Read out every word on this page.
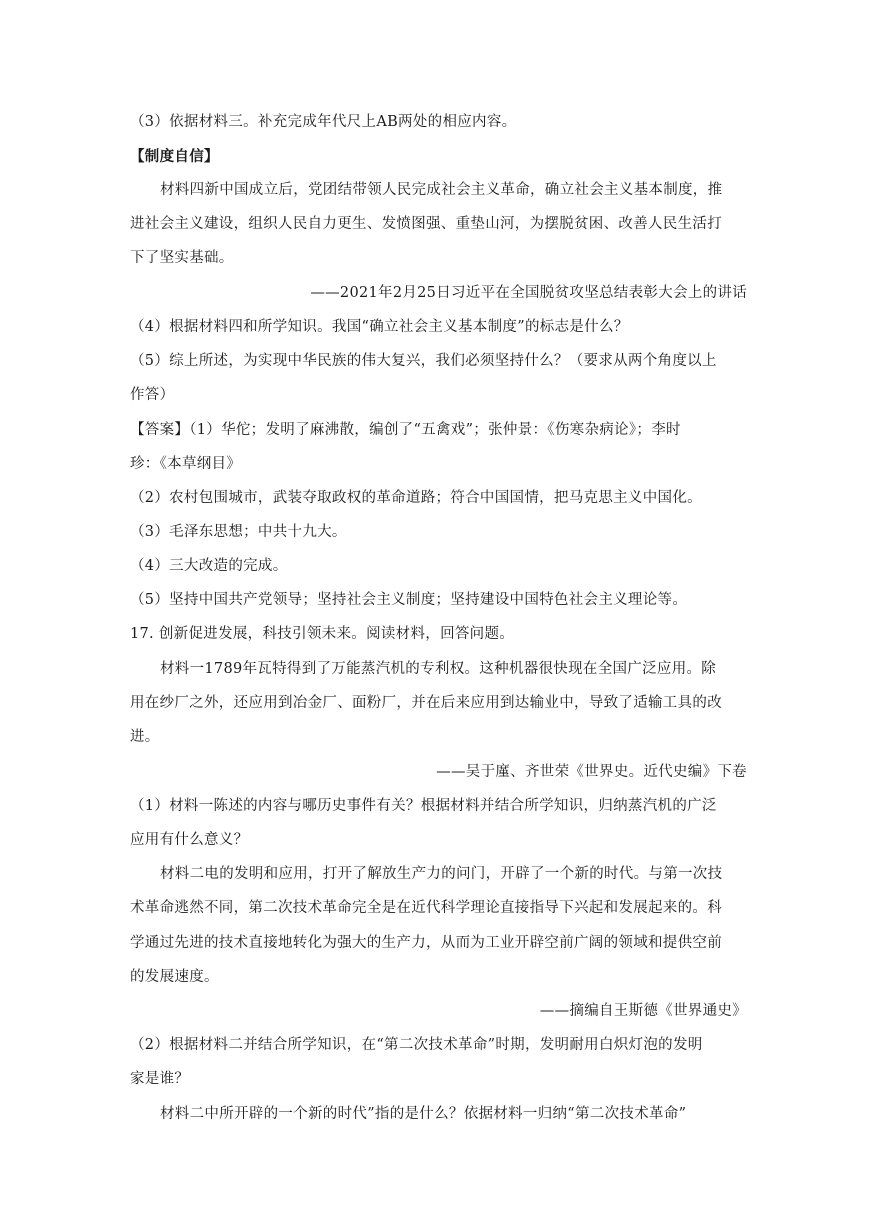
（3）依据材料三。补充完成年代尺上AB两处的相应内容。
【制度自信】
材料四新中国成立后，党团结带领人民完成社会主义革命，确立社会主义基本制度，推
进社会主义建设，组织人民自力更生、发愤图强、重垫山河，为摆脱贫困、改善人民生活打
下了坚实基础。
——2021年2月25日习近平在全国脱贫攻坚总结表彰大会上的讲话
（4）根据材料四和所学知识。我国“确立社会主义基本制度”的标志是什么？
（5）综上所述，为实现中华民族的伟大复兴，我们必须坚持什么？（要求从两个角度以上
作答）
【答案】（1）华佗；发明了麻沸散，编创了“五禽戏”；张仲景：《伤寒杂病论》；李时
珍：《本草纲目》
（2）农村包围城市，武装夺取政权的革命道路；符合中国国情，把马克思主义中国化。
（3）毛泽东思想；中共十九大。
（4）三大改造的完成。
（5）坚持中国共产党领导；坚持社会主义制度；坚持建设中国特色社会主义理论等。
17. 创新促进发展，科技引领未来。阅读材料，回答问题。
材料一1789年瓦特得到了万能蒸汽机的专利权。这种机器很快现在全国广泛应用。除
用在纱厂之外，还应用到冶金厂、面粉厂，并在后来应用到达输业中，导致了适输工具的改
进。
——吴于廑、齐世荣《世界史。近代史编》下卷
（1）材料一陈述的内容与哪历史事件有关？根据材料并结合所学知识，归纳蒸汽机的广泛
应用有什么意义？
材料二电的发明和应用，打开了解放生产力的问门，开辟了一个新的时代。与第一次技
术革命逃然不同，第二次技术革命完全是在近代科学理论直接指导下兴起和发展起来的。科
学通过先进的技术直接地转化为强大的生产力，从而为工业开辟空前广阔的领域和提供空前
的发展速度。
——摘编自王斯德《世界通史》
（2）根据材料二并结合所学知识，在“第二次技术革命”时期，发明耐用白炽灯泡的发明
家是谁？
材料二中所开辟的一个新的时代”指的是什么？依据材料一归纳“第二次技术革命”
